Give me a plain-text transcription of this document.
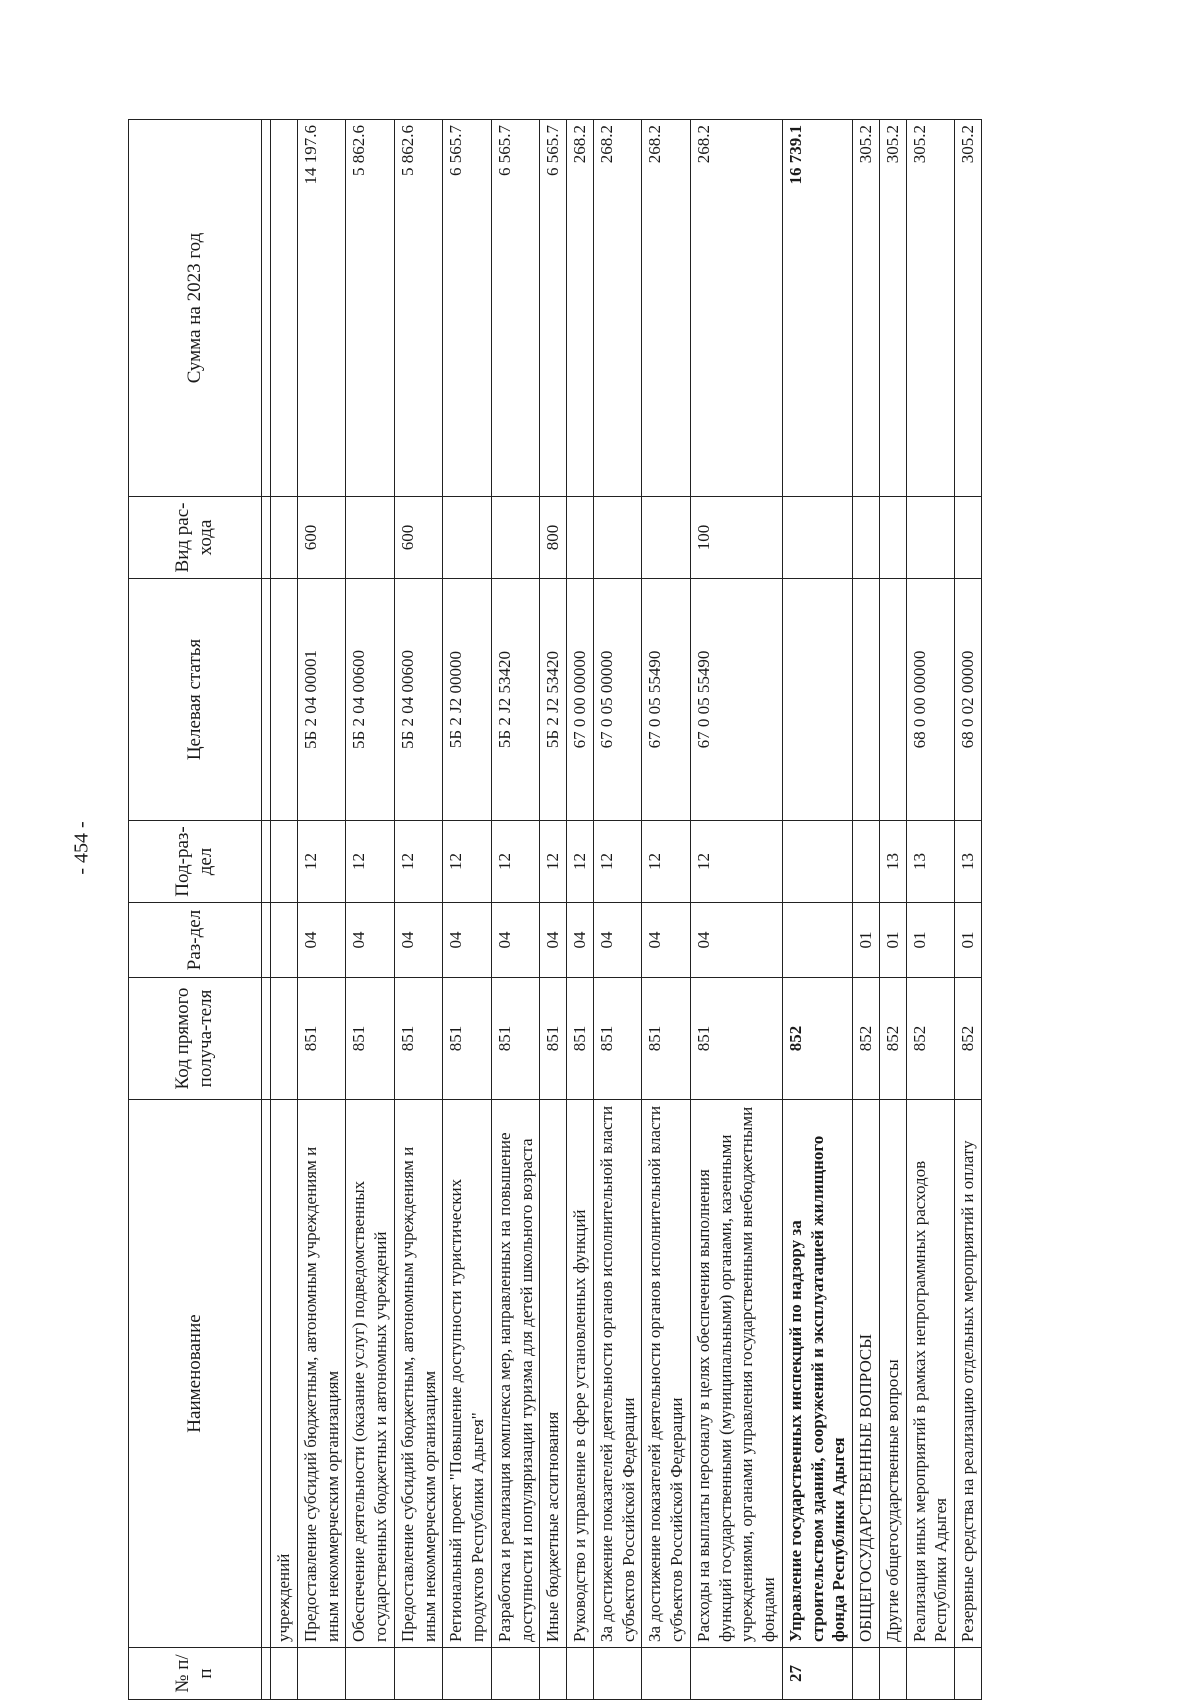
- 454 -
№ п/п	Наименование	Код прямого получа-теля	Раз-дел	Под-раз-дел	Целевая статья	Вид рас-хода	Сумма на 2023 год

	учреждений						
	Предоставление субсидий бюджетным, автономным учреждениям и иным некоммерческим организациям	851	04	12	5Б 2 04 00001	600	14 197.6
	Обеспечение деятельности (оказание услуг) подведомственных государственных бюджетных и автономных учреждений	851	04	12	5Б 2 04 00600		5 862.6
	Предоставление субсидий бюджетным, автономным учреждениям и иным некоммерческим организациям	851	04	12	5Б 2 04 00600	600	5 862.6
	Региональный проект "Повышение доступности туристических продуктов Республики Адыгея"	851	04	12	5Б 2 J2 00000		6 565.7
	Разработка и реализация комплекса мер, направленных на повышение доступности и популяризации туризма для детей школьного возраста	851	04	12	5Б 2 J2 53420		6 565.7
	Иные бюджетные ассигнования	851	04	12	5Б 2 J2 53420	800	6 565.7
	Руководство и управление в сфере установленных функций	851	04	12	67 0 00 00000		268.2
	За достижение показателей деятельности органов исполнительной власти субъектов Российской Федерации	851	04	12	67 0 05 00000		268.2
	За достижение показателей деятельности органов исполнительной власти субъектов Российской Федерации	851	04	12	67 0 05 55490		268.2
	Расходы на выплаты персоналу в целях обеспечения выполнения функций государственными (муниципальными) органами, казенными учреждениями, органами управления государственными внебюджетными фондами	851	04	12	67 0 05 55490	100	268.2
27	Управление государственных инспекций по надзору за строительством зданий, сооружений и эксплуатацией жилищного фонда Республики Адыгея	852					16 739.1
	ОБЩЕГОСУДАРСТВЕННЫЕ ВОПРОСЫ	852	01				305.2
	Другие общегосударственные вопросы	852	01	13			305.2
	Реализация иных мероприятий в рамках непрограммных расходов Республики Адыгея	852	01	13	68 0 00 00000		305.2
	Резервные средства на реализацию отдельных мероприятий и оплату	852	01	13	68 0 02 00000		305.2
